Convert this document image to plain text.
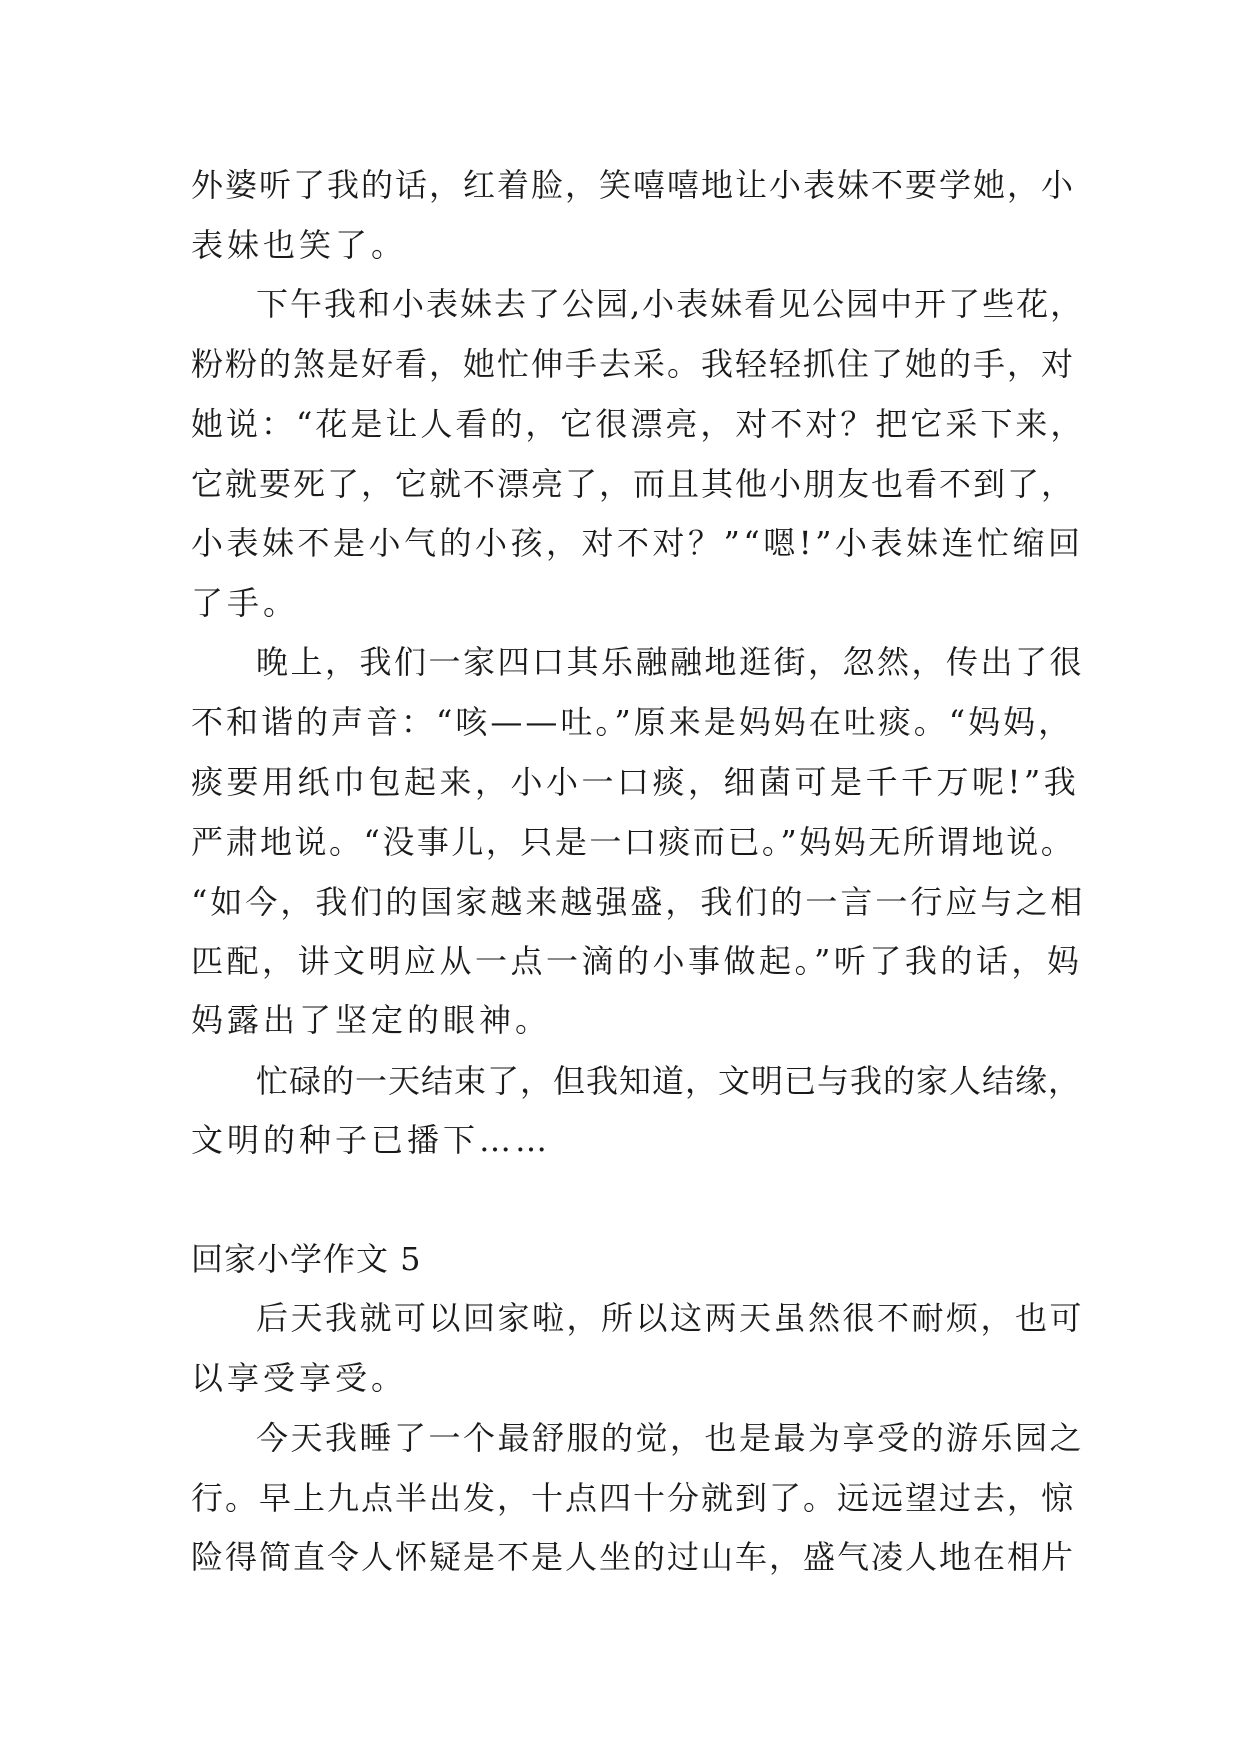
外婆听了我的话，红着脸，笑嘻嘻地让小表妹不要学她，小
表妹也笑了。
下午我和小表妹去了公园,小表妹看见公园中开了些花，
粉粉的煞是好看，她忙伸手去采。我轻轻抓住了她的手，对
她说：“花是让人看的，它很漂亮，对不对？把它采下来，
它就要死了，它就不漂亮了，而且其他小朋友也看不到了，
小表妹不是小气的小孩，对不对？”“嗯!”小表妹连忙缩回
了手。
晚上，我们一家四口其乐融融地逛街，忽然，传出了很
不和谐的声音：“咳——吐。”原来是妈妈在吐痰。“妈妈，
痰要用纸巾包起来，小小一口痰，细菌可是千千万呢!”我
严肃地说。“没事儿，只是一口痰而已。”妈妈无所谓地说。
“如今，我们的国家越来越强盛，我们的一言一行应与之相
匹配，讲文明应从一点一滴的小事做起。”听了我的话，妈
妈露出了坚定的眼神。
忙碌的一天结束了，但我知道，文明已与我的家人结缘，
文明的种子已播下……
回家小学作文 5
后天我就可以回家啦，所以这两天虽然很不耐烦，也可
以享受享受。
今天我睡了一个最舒服的觉，也是最为享受的游乐园之
行。早上九点半出发，十点四十分就到了。远远望过去，惊
险得简直令人怀疑是不是人坐的过山车，盛气凌人地在相片
